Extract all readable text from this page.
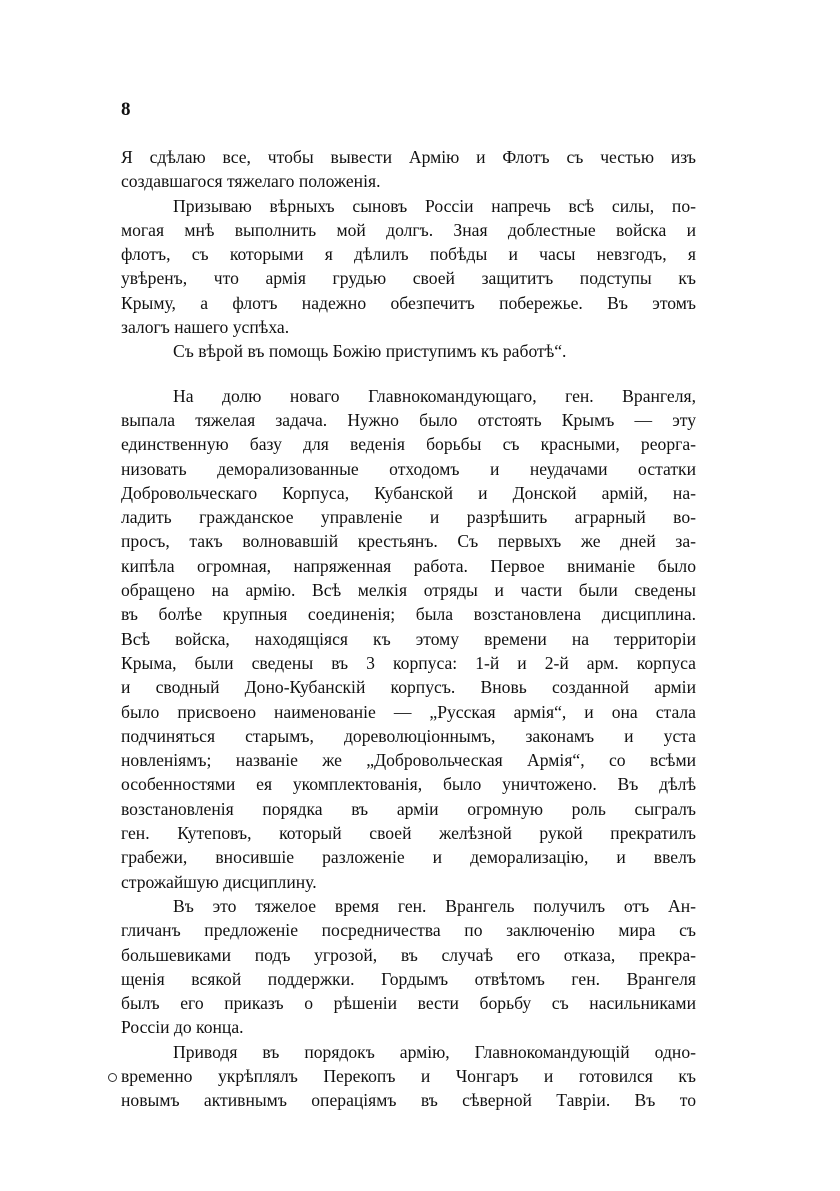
8
Я сдѣлаю все, чтобы вывести Армію и Флотъ съ честью изъ
создавшагося тяжелаго положенія.
Призываю вѣрныхъ сыновъ Россіи напречь всѣ силы, по-
могая мнѣ выполнить мой долгъ. Зная доблестные войска и
флотъ, съ которыми я дѣлилъ побѣды и часы невзгодъ, я
увѣренъ, что армія грудью своей защититъ подступы къ
Крыму, а флотъ надежно обезпечитъ побережье. Въ этомъ
залогъ нашего успѣха.
Съ вѣрой въ помощь Божію приступимъ къ работѣ“.
На долю новаго Главнокомандующаго, ген. Врангеля,
выпала тяжелая задача. Нужно было отстоять Крымъ — эту
единственную базу для веденія борьбы съ красными, реорга-
низовать деморализованные отходомъ и неудачами остатки
Добровольческаго Корпуса, Кубанской и Донской армій, на-
ладить гражданское управленіе и разрѣшить аграрный во-
просъ, такъ волновавшій крестьянъ. Съ первыхъ же дней за-
кипѣла огромная, напряженная работа. Первое вниманіе было
обращено на армію. Всѣ мелкія отряды и части были сведены
въ болѣе крупныя соединенія; была возстановлена дисциплина.
Всѣ войска, находящіяся къ этому времени на территоріи
Крыма, были сведены въ 3 корпуса: 1-й и 2-й арм. корпуса
и сводный Доно-Кубанскій корпусъ. Вновь созданной арміи
было присвоено наименованіе — „Русская армія“, и она стала
подчиняться старымъ, дореволюціоннымъ, законамъ и уста
новленіямъ; названіе же „Добровольческая Армія“, со всѣми
особенностями ея укомплектованія, было уничтожено. Въ дѣлѣ
возстановленія порядка въ арміи огромную роль сыгралъ
ген. Кутеповъ, который своей желѣзной рукой прекратилъ
грабежи, вносившіе разложеніе и деморализацію, и ввелъ
строжайшую дисциплину.
Въ это тяжелое время ген. Врангель получилъ отъ Ан-
гличанъ предложеніе посредничества по заключенію мира съ
большевиками подъ угрозой, въ случаѣ его отказа, прекра-
щенія всякой поддержки. Гордымъ отвѣтомъ ген. Врангеля
былъ его приказъ о рѣшеніи вести борьбу съ насильниками
Россіи до конца.
Приводя въ порядокъ армію, Главнокомандующій одно-
временно укрѣплялъ Перекопъ и Чонгаръ и готовился къ
новымъ активнымъ операціямъ въ сѣверной Тавріи. Въ то
